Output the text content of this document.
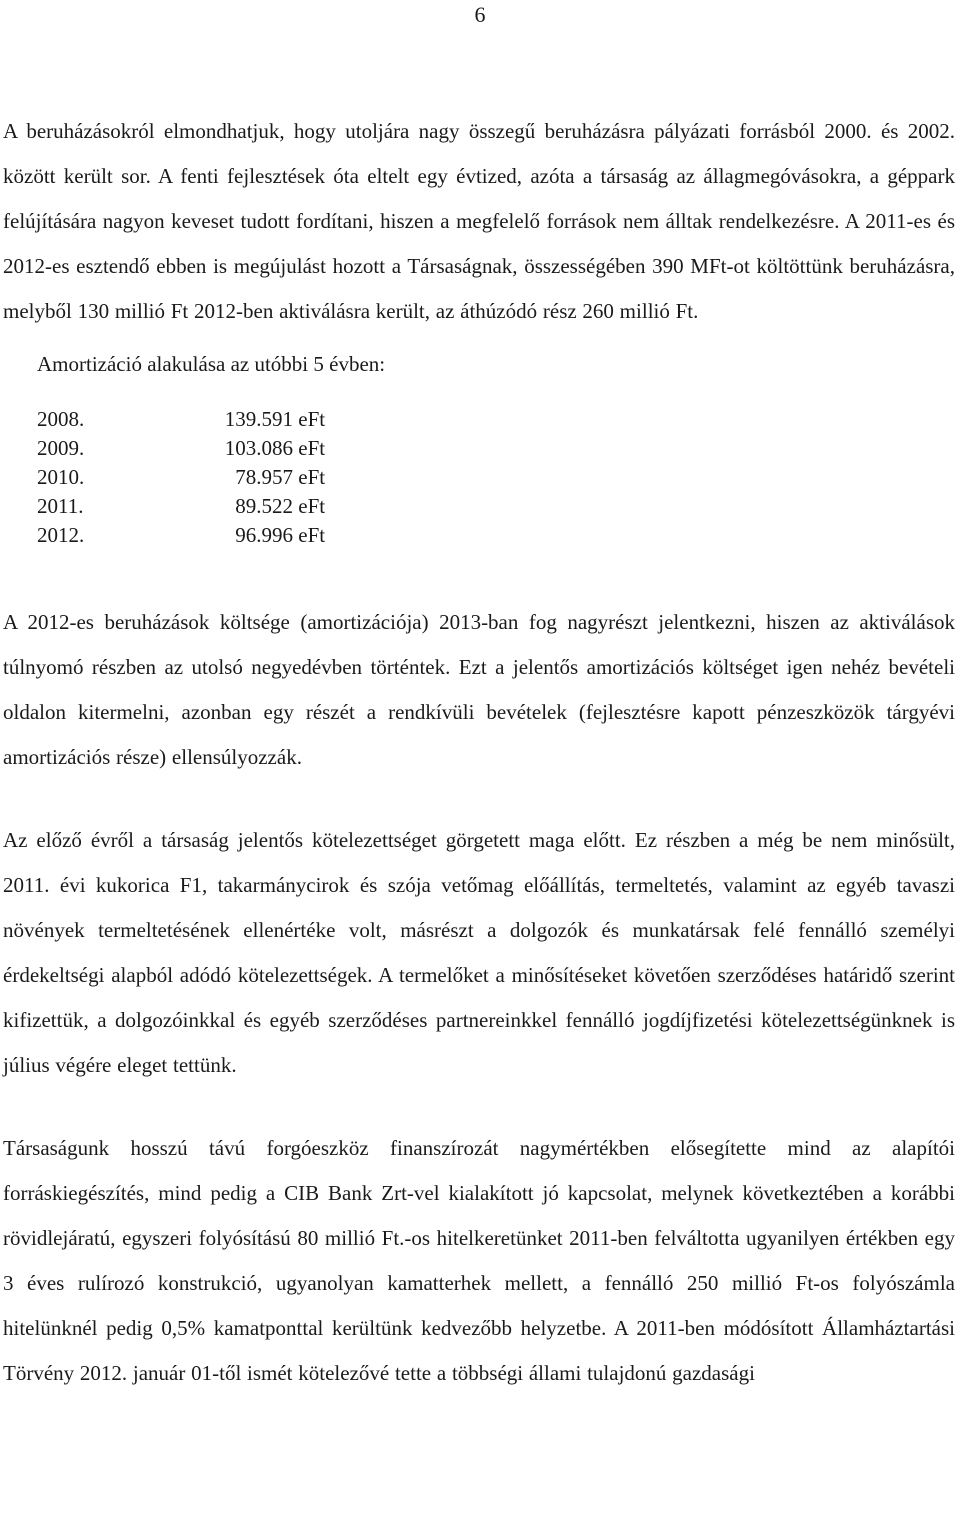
6

A beruházásokról elmondhatjuk, hogy utoljára nagy összegű beruházásra pályázati forrásból 2000. és 2002. között került sor. A fenti fejlesztések óta eltelt egy évtized, azóta a társaság az állagmegóvásokra, a géppark felújítására nagyon keveset tudott fordítani, hiszen a megfelelő források nem álltak rendelkezésre. A 2011-es és 2012-es esztendő ebben is megújulást hozott a Társaságnak, összességében 390 MFt-ot költöttünk beruházásra, melyből 130 millió Ft 2012-ben aktiválásra került, az áthúzódó rész 260 millió Ft.

Amortizáció alakulása az utóbbi 5 évben:

2008.	139.591 eFt
2009.	103.086 eFt
2010.	78.957 eFt
2011.	89.522 eFt
2012.	96.996 eFt

A 2012-es beruházások költsége (amortizációja) 2013-ban fog nagyrészt jelentkezni, hiszen az aktiválások túlnyomó részben az utolsó negyedévben történtek. Ezt a jelentős amortizációs költséget igen nehéz bevételi oldalon kitermelni, azonban egy részét a rendkívüli bevételek (fejlesztésre kapott pénzeszközök tárgyévi amortizációs része) ellensúlyozzák.

Az előző évről a társaság jelentős kötelezettséget görgetett maga előtt. Ez részben a még be nem minősült, 2011. évi kukorica F1, takarmánycirok és szója vetőmag előállítás, termeltetés, valamint az egyéb tavaszi növények termeltetésének ellenértéke volt, másrészt a dolgozók és munkatársak felé fennálló személyi érdekeltségi alapból adódó kötelezettségek. A termelőket a minősítéseket követően szerződéses határidő szerint kifizettük, a dolgozóinkkal és egyéb szerződéses partnereinkkel fennálló jogdíjfizetési kötelezettségünknek is július végére eleget tettünk.

Társaságunk hosszú távú forgóeszköz finanszírozát nagymértékben elősegítette mind az alapítói forráskiegészítés, mind pedig a CIB Bank Zrt-vel kialakított jó kapcsolat, melynek következtében a korábbi rövidlejáratú, egyszeri folyósítású 80 millió Ft.-os hitelkeretünket 2011-ben felváltotta ugyanilyen értékben egy 3 éves rulírozó konstrukció, ugyanolyan kamatterhek mellett, a fennálló 250 millió Ft-os folyószámla hitelünknél pedig 0,5% kamatponttal kerültünk kedvezőbb helyzetbe. A 2011-ben módósított Államháztartási Törvény 2012. január 01-től ismét kötelezővé tette a többségi állami tulajdonú gazdasági
